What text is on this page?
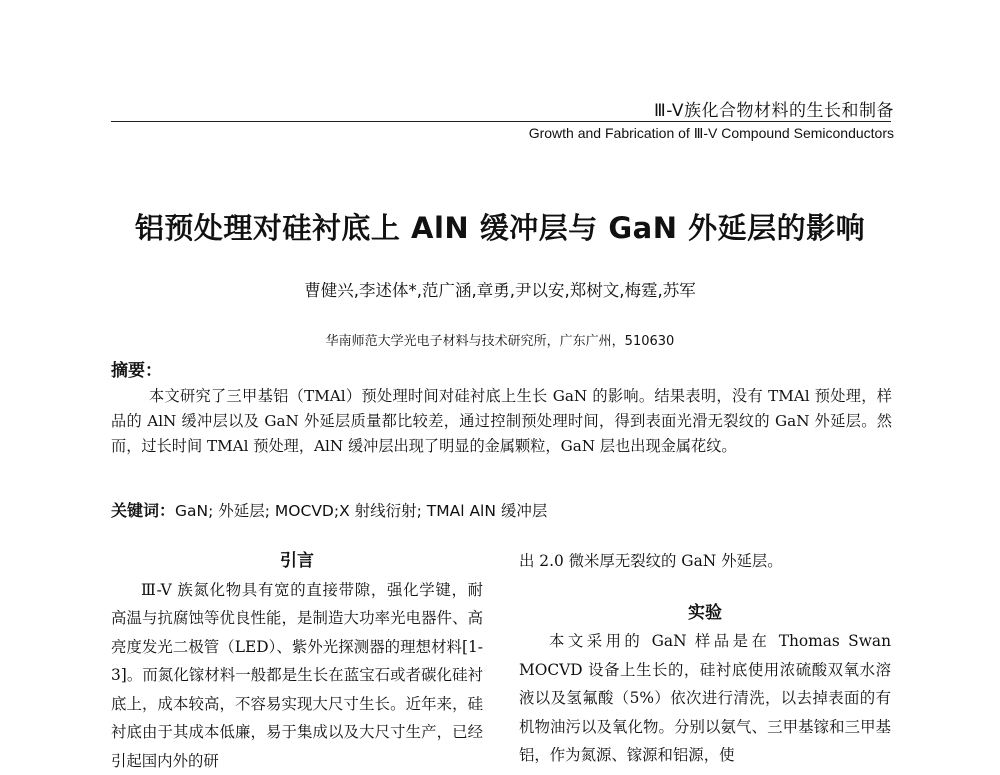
Ⅲ-V族化合物材料的生长和制备
Growth and Fabrication of Ⅲ-V Compound Semiconductors
铝预处理对硅衬底上 AlN 缓冲层与 GaN 外延层的影响
曹健兴,李述体*,范广涵,章勇,尹以安,郑树文,梅霆,苏军
华南师范大学光电子材料与技术研究所，广东广州，510630
摘要：

本文研究了三甲基铝（TMAl）预处理时间对硅衬底上生长 GaN 的影响。结果表明，没有 TMAl 预处理，样品的 AlN 缓冲层以及 GaN 外延层质量都比较差，通过控制预处理时间，得到表面光滑无裂纹的 GaN 外延层。然而，过长时间 TMAl 预处理，AlN 缓冲层出现了明显的金属颗粒，GaN 层也出现金属花纹。

关键词：GaN; 外延层; MOCVD;X 射线衍射; TMAl AlN 缓冲层
引言

Ⅲ-V 族氮化物具有宽的直接带隙，强化学键，耐高温与抗腐蚀等优良性能，是制造大功率光电器件、高亮度发光二极管（LED）、紫外光探测器的理想材料[1-3]。而氮化镓材料一般都是生长在蓝宝石或者碳化硅衬底上，成本较高，不容易实现大尺寸生长。近年来，硅衬底由于其成本低廉，易于集成以及大尺寸生产，已经引起国内外的研

出 2.0 微米厚无裂纹的 GaN 外延层。

实验

本文采用的 GaN 样品是在 Thomas Swan MOCVD 设备上生长的，硅衬底使用浓硫酸双氧水溶液以及氢氟酸（5%）依次进行清洗，以去掉表面的有机物油污以及氧化物。分别以氨气、三甲基镓和三甲基铝，作为氮源、镓源和铝源，使
